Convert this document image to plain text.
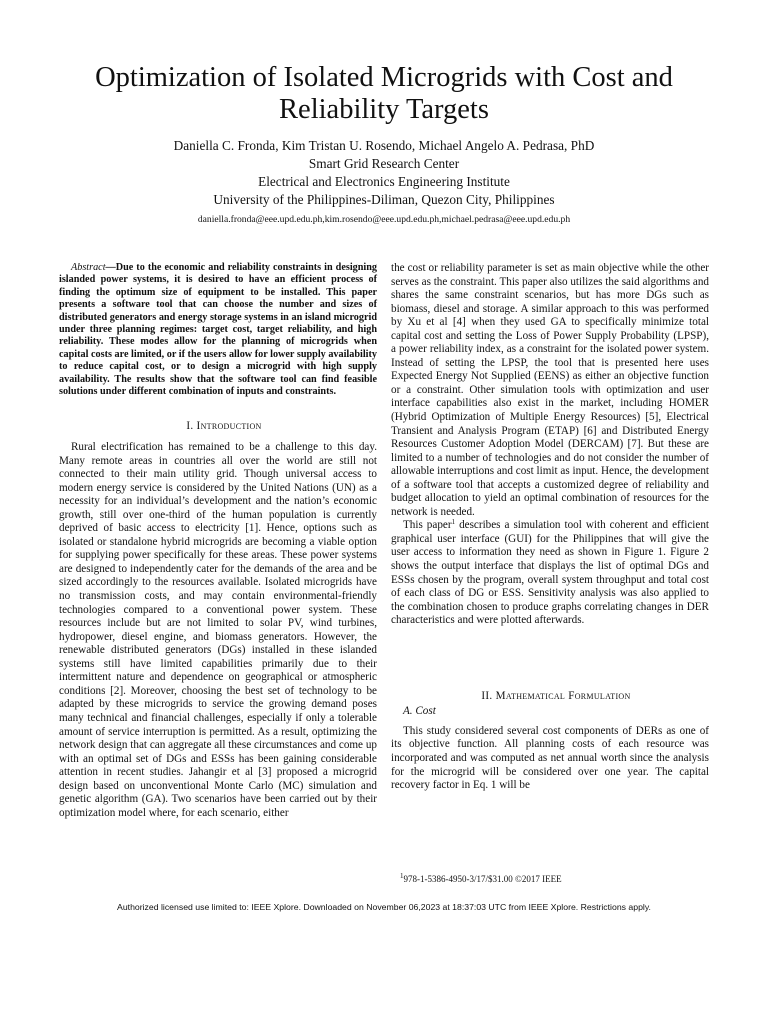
Optimization of Isolated Microgrids with Cost and
Reliability Targets
Daniella C. Fronda, Kim Tristan U. Rosendo, Michael Angelo A. Pedrasa, PhD
Smart Grid Research Center
Electrical and Electronics Engineering Institute
University of the Philippines-Diliman, Quezon City, Philippines
daniella.fronda@eee.upd.edu.ph,kim.rosendo@eee.upd.edu.ph,michael.pedrasa@eee.upd.edu.ph

Abstract—Due to the economic and reliability constraints in designing islanded power systems, it is desired to have an efficient process of finding the optimum size of equipment to be installed. This paper presents a software tool that can choose the number and sizes of distributed generators and energy storage systems in an island microgrid under three planning regimes: target cost, target reliability, and high reliability. These modes allow for the planning of microgrids when capital costs are limited, or if the users allow for lower supply availability to reduce capital cost, or to design a microgrid with high supply availability. The results show that the software tool can find feasible solutions under different combination of inputs and constraints.

I. Introduction

Rural electrification has remained to be a challenge to this day. Many remote areas in countries all over the world are still not connected to their main utility grid. Though universal access to modern energy service is considered by the United Nations (UN) as a necessity for an individual’s development and the nation’s economic growth, still over one-third of the human population is currently deprived of basic access to electricity [1]. Hence, options such as isolated or standalone hybrid microgrids are becoming a viable option for supplying power specifically for these areas. These power systems are designed to independently cater for the demands of the area and be sized accordingly to the resources available. Isolated microgrids have no transmission costs, and may contain environmental-friendly technologies compared to a conventional power system. These resources include but are not limited to solar PV, wind turbines, hydropower, diesel engine, and biomass generators. However, the renewable distributed generators (DGs) installed in these islanded systems still have limited capabilities primarily due to their intermittent nature and dependence on geographical or atmospheric conditions [2]. Moreover, choosing the best set of technology to be adapted by these microgrids to service the growing demand poses many technical and financial challenges, especially if only a tolerable amount of service interruption is permitted. As a result, optimizing the network design that can aggregate all these circumstances and come up with an optimal set of DGs and ESSs has been gaining considerable attention in recent studies. Jahangir et al [3] proposed a microgrid design based on unconventional Monte Carlo (MC) simulation and genetic algorithm (GA). Two scenarios have been carried out by their optimization model where, for each scenario, either

the cost or reliability parameter is set as main objective while the other serves as the constraint. This paper also utilizes the said algorithms and shares the same constraint scenarios, but has more DGs such as biomass, diesel and storage. A similar approach to this was performed by Xu et al [4] when they used GA to specifically minimize total capital cost and setting the Loss of Power Supply Probability (LPSP), a power reliability index, as a constraint for the isolated power system. Instead of setting the LPSP, the tool that is presented here uses Expected Energy Not Supplied (EENS) as either an objective function or a constraint. Other simulation tools with optimization and user interface capabilities also exist in the market, including HOMER (Hybrid Optimization of Multiple Energy Resources) [5], Electrical Transient and Analysis Program (ETAP) [6] and Distributed Energy Resources Customer Adoption Model (DERCAM) [7]. But these are limited to a number of technologies and do not consider the number of allowable interruptions and cost limit as input. Hence, the development of a software tool that accepts a customized degree of reliability and budget allocation to yield an optimal combination of resources for the network is needed.

This paper$^1$ describes a simulation tool with coherent and efficient graphical user interface (GUI) for the Philippines that will give the user access to information they need as shown in Figure 1. Figure 2 shows the output interface that displays the list of optimal DGs and ESSs chosen by the program, overall system throughput and total cost of each class of DG or ESS. Sensitivity analysis was also applied to the combination chosen to produce graphs correlating changes in DER characteristics and were plotted afterwards.

II. Mathematical Formulation

A. Cost

This study considered several cost components of DERs as one of its objective function. All planning costs of each resource was incorporated and was computed as net annual worth since the analysis for the microgrid will be considered over one year. The capital recovery factor in Eq. 1 will be

$^1$978-1-5386-4950-3/17/$31.00 ©2017 IEEE
Authorized licensed use limited to: IEEE Xplore. Downloaded on November 06,2023 at 18:37:03 UTC from IEEE Xplore. Restrictions apply.
